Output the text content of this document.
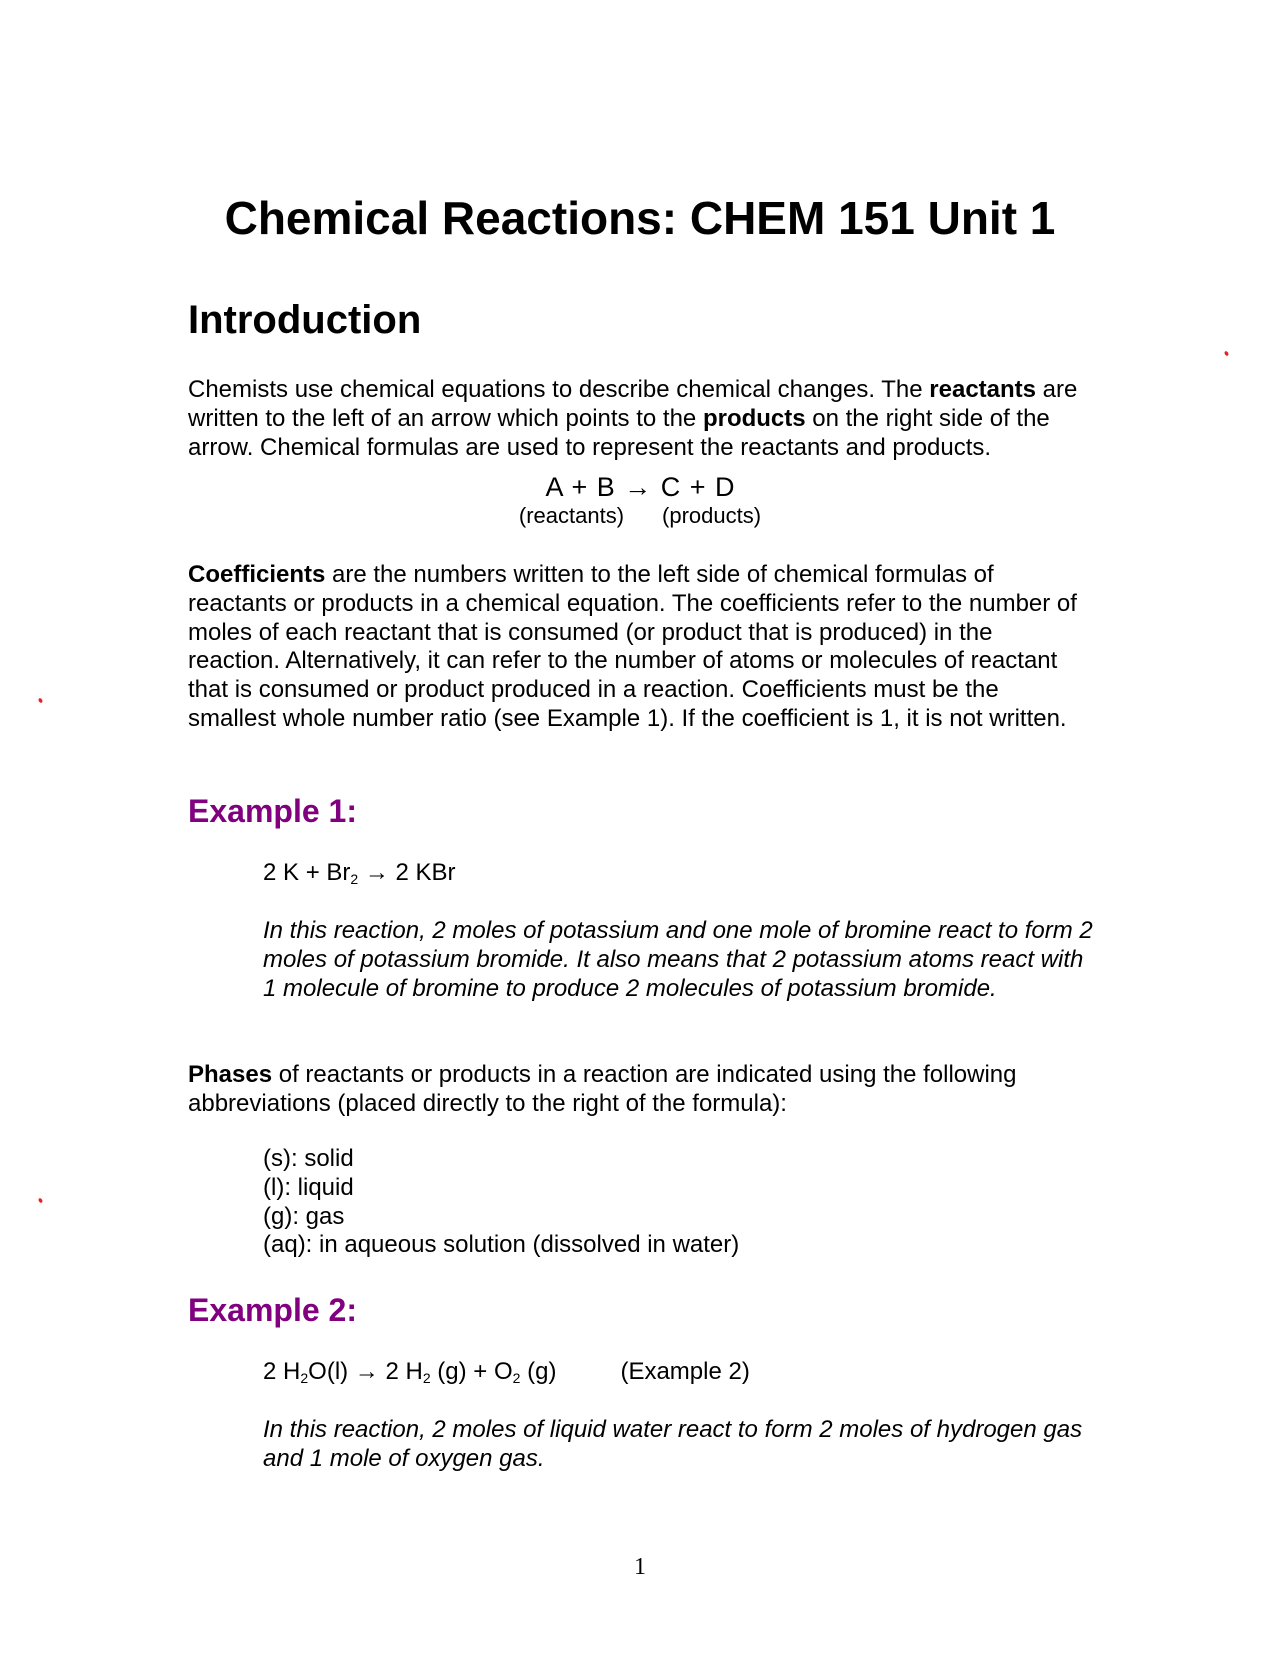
Chemical Reactions: CHEM 151 Unit 1
Introduction

Chemists use chemical equations to describe chemical changes. The reactants are written to the left of an arrow which points to the products on the right side of the arrow. Chemical formulas are used to represent the reactants and products.

A + B → C + D

(reactants) (products)

Coefficients are the numbers written to the left side of chemical formulas of reactants or products in a chemical equation. The coefficients refer to the number of moles of each reactant that is consumed (or product that is produced) in the reaction. Alternatively, it can refer to the number of atoms or molecules of reactant that is consumed or product produced in a reaction. Coefficients must be the smallest whole number ratio (see Example 1). If the coefficient is 1, it is not written.

Example 1:

2 $K + Br_2 \to 2$ KBr

In this reaction, 2 moles of potassium and one mole of bromine react to form 2 moles of potassium bromide. It also means that 2 potassium atoms react with 1 molecule of bromine to produce 2 molecules of potassium bromide.

Phases of reactants or products in a reaction are indicated using the following abbreviations (placed directly to the right of the formula):

(s): solid
(l): liquid
(g): gas
(aq): in aqueous solution (dissolved in water)
Example 2:

2 $H_2O(l) \to 2$ $H_2$ $(g) + O_2$ (g)	(Example 2)

In this reaction, 2 moles of liquid water react to form 2 moles of hydrogen gas and 1 mole of oxygen gas.

1
